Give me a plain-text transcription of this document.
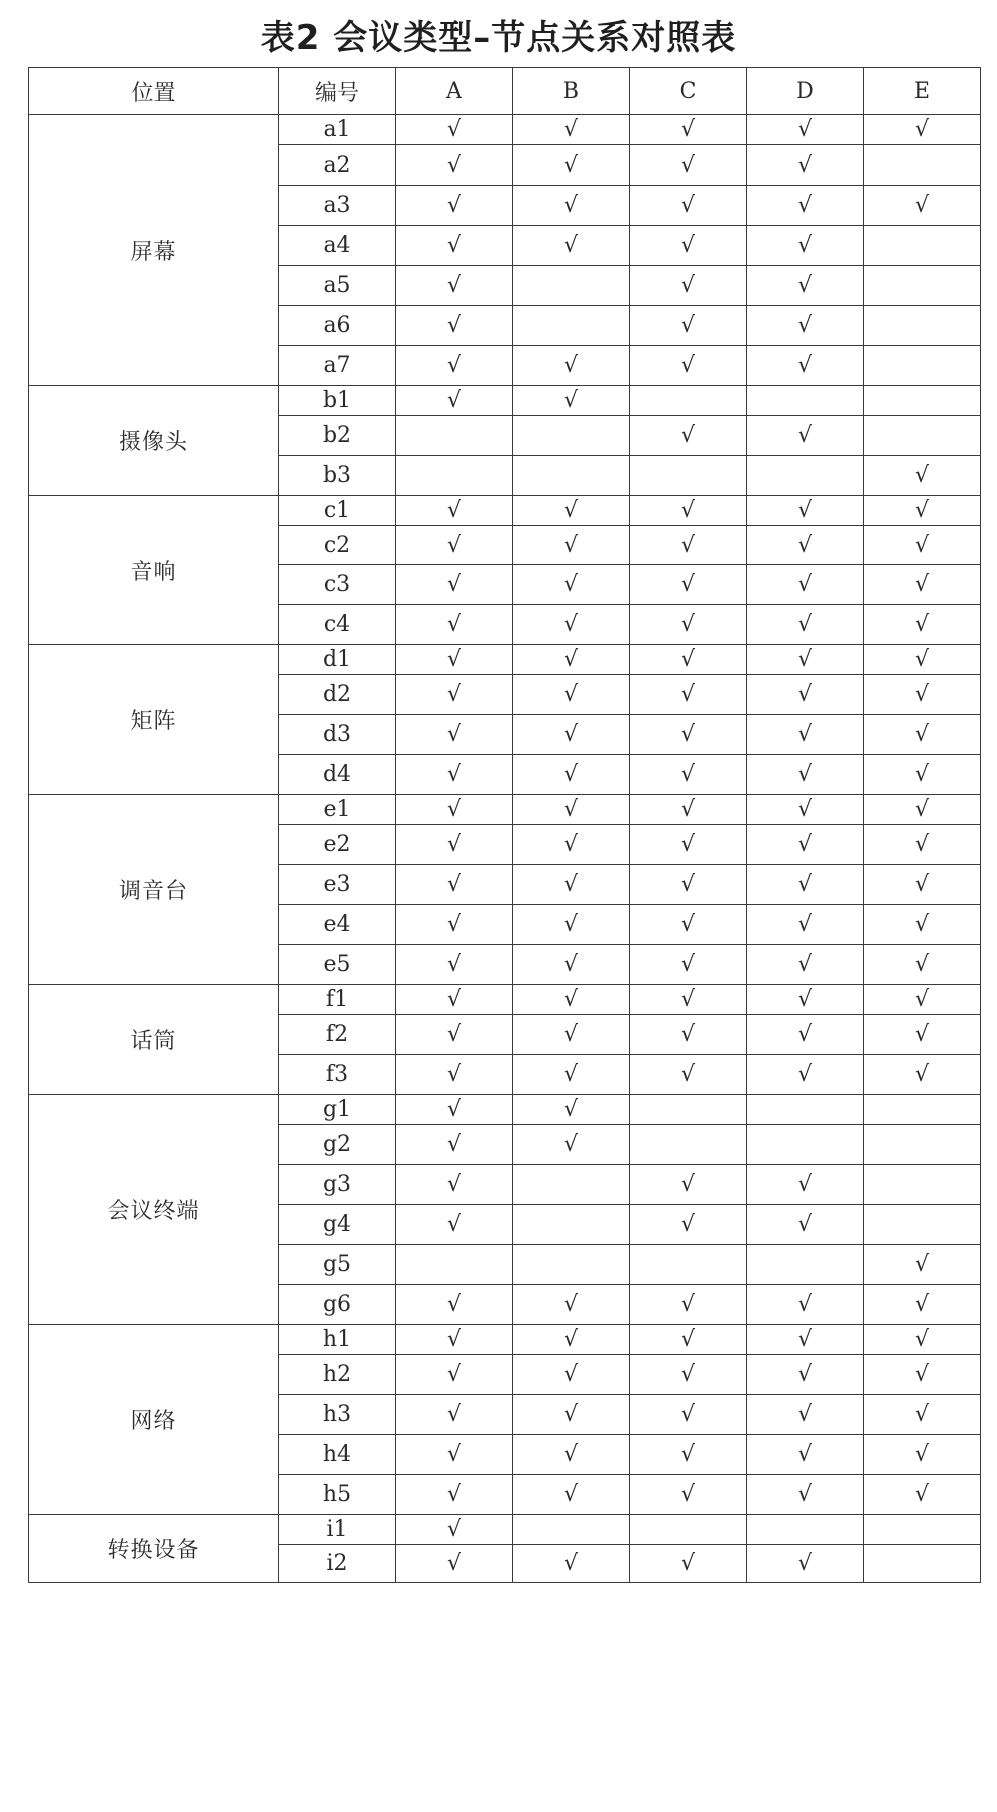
表2 会议类型–节点关系对照表
位置	编号	A	B	C	D	E
屏幕	a1	√	√	√	√	√
	a2	√	√	√	√	
	a3	√	√	√	√	√
	a4	√	√	√	√	
	a5	√		√	√	
	a6	√		√	√	
	a7	√	√	√	√	
摄像头	b1	√	√			
	b2			√	√	
	b3					√
音响	c1	√	√	√	√	√
	c2	√	√	√	√	√
	c3	√	√	√	√	√
	c4	√	√	√	√	√
矩阵	d1	√	√	√	√	√
	d2	√	√	√	√	√
	d3	√	√	√	√	√
	d4	√	√	√	√	√
调音台	e1	√	√	√	√	√
	e2	√	√	√	√	√
	e3	√	√	√	√	√
	e4	√	√	√	√	√
	e5	√	√	√	√	√
话筒	f1	√	√	√	√	√
	f2	√	√	√	√	√
	f3	√	√	√	√	√
会议终端	g1	√	√			
	g2	√	√			
	g3	√		√	√	
	g4	√		√	√	
	g5					√
	g6	√	√	√	√	√
网络	h1	√	√	√	√	√
	h2	√	√	√	√	√
	h3	√	√	√	√	√
	h4	√	√	√	√	√
	h5	√	√	√	√	√
转换设备	i1	√				
	i2	√	√	√	√	
